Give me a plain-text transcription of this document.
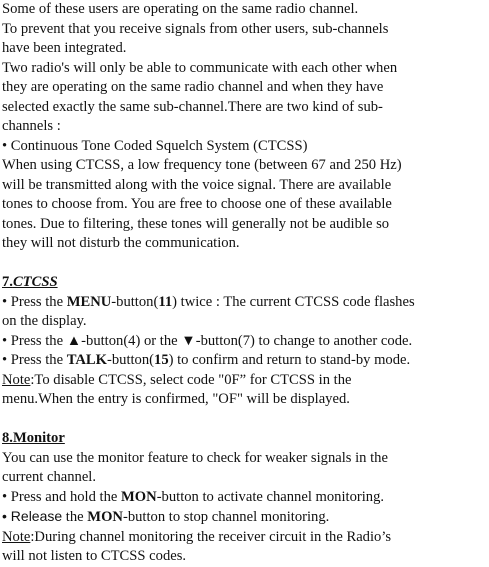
Some of these users are operating on the same radio channel.
To prevent that you receive signals from other users, sub-channels
have been integrated.
Two radio's will only be able to communicate with each other when
they are operating on the same radio channel and when they have
selected exactly the same sub-channel.There are two kind of sub-
channels :
• Continuous Tone Coded Squelch System (CTCSS)
When using CTCSS, a low frequency tone (between 67 and 250 Hz)
will be transmitted along with the voice signal. There are available
tones to choose from. You are free to choose one of these available
tones. Due to filtering, these tones will generally not be audible so
they will not disturb the communication.
7.CTCSS
• Press the MENU-button(11) twice : The current CTCSS code flashes
on the display.
• Press the ▲-button(4) or the ▼-button(7) to change to another code.
• Press the TALK-button(15) to confirm and return to stand-by mode.
Note:To disable CTCSS, select code "0F” for CTCSS in the
menu.When the entry is confirmed, "OF" will be displayed.
8.Monitor
You can use the monitor feature to check for weaker signals in the
current channel.
• Press and hold the MON-button to activate channel monitoring.
• Release the MON-button to stop channel monitoring.
Note:During channel monitoring the receiver circuit in the Radio’s
will not listen to CTCSS codes.
